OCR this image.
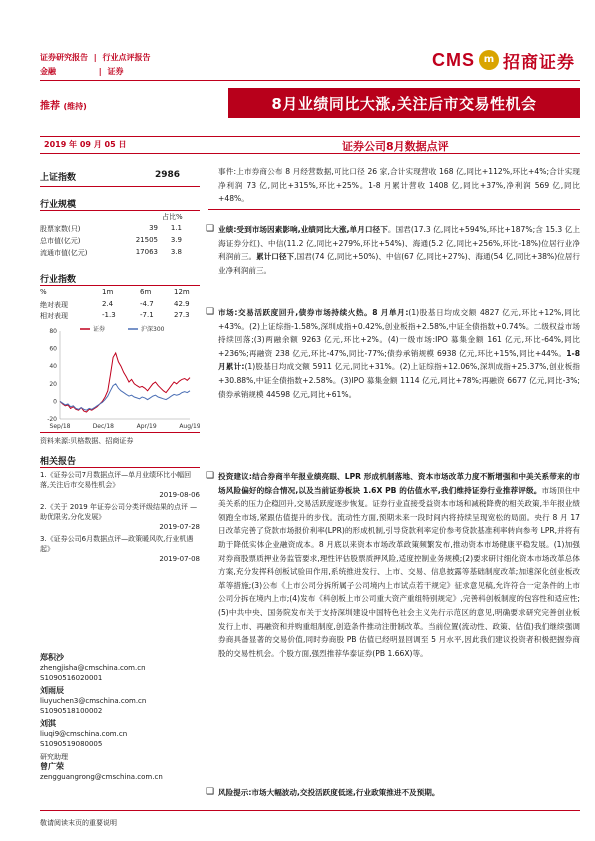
证券研究报告 | 行业点评报告
金融	| 证券
CMS m 招商证券
推荐 (维持)	8月业绩同比大涨,关注后市交易性机会
2019 年 09 月 05 日	证券公司8月数据点评
上证指数	2986
行业规模
占比%
股票家数(只)	39 1.1
总市值(亿元)	21505 3.9
流通市值(亿元)	17063 3.8
行业指数
%	1m	6m	12m
绝对表现	2.4	-4.7	42.9
相对表现	-1.3	-7.1	27.3
80
60
40
20
0
-20
Sep/18	Dec/18	Apr/19	Aug/19
证券	沪深300
资料来源:贝格数据、招商证券
相关报告
1.《证券公司7月数据点评—单月业绩环比小幅回落,关注后市交易性机会》
2019-08-06
2.《关于 2019 年证券公司分类评级结果的点评 —助优限劣,分化发展》
2019-07-28
3.《证券公司6月数据点评—政策暖风吹,行业机遇起》
2019-07-08
郑积沙
zhengjisha@cmschina.com.cn
S1090516020001
刘雨辰
liuyuchen3@cmschina.com.cn
S1090518100002
刘淇
liuqi9@cmschina.com.cn
S1090519080005
研究助理
曾广荣
zengguangrong@cmschina.com.cn

事件:上市券商公布 8 月经营数据,可比口径 26 家,合计实现营收 168 亿,同比+112%,环比+4%;合计实现净利润 73 亿,同比+315%,环比+25%。1-8 月累计营收 1408 亿,同比+37%,净利润 569 亿,同比+48%。

❑ 业绩:受到市场因素影响,业绩同比大涨,单月口径下。国君(17.3 亿,同比+594%,环比+187%;含 15.3 亿上海证券分红)、中信(11.2 亿,同比+279%,环比+54%)、海通(5.2 亿,同比+256%,环比-18%)位居行业净利润前三。累计口径下,国君(74 亿,同比+50%)、中信(67 亿,同比+27%)、海通(54 亿,同比+38%)位居行业净利润前三。
❑ 市场:交易活跃度回升,债券市场持续火热。8 月单月:(1)股基日均成交额 4827 亿元,环比+12%,同比+43%。(2)上证综指-1.58%,深圳成指+0.42%,创业板指+2.58%,中证全债指数+0.74%。二级权益市场持续回落;(3)两融余额 9263 亿元,环比+2%。(4)一级市场:IPO 募集金额 161 亿元,环比-64%,同比+236%;再融资 238 亿元,环比-47%,同比-77%;债券承销规模 6938 亿元,环比+15%,同比+44%。1-8 月累计:(1)股基日均成交额 5911 亿元,同比+31%。(2)上证综指+12.06%,深圳成指+25.37%,创业板指+30.88%,中证全债指数+2.58%。(3)IPO 募集金额 1114 亿元,同比+78%;再融资 6677 亿元,同比-3%;债券承销规模 44598 亿元,同比+61%。
❑ 投资建议:结合券商半年报业绩亮眼、LPR 形成机制落地、资本市场改革力度不断增强和中美关系带来的市场风险偏好的综合情况,以及当前证券板块 1.6X PB 的估值水平,我们维持证券行业推荐评级。市场顶住中美关系的压力企稳回升,交易活跃度逐步恢复。证券行业直接受益资本市场和减税降费的相关政策,半年报业绩领跑全市场,紧跟估值提升的步伐。流动性方面,预期未来一段时间内将持续呈现宽松的局面。央行 8 月 17 日改革完善了贷款市场报价利率(LPR)的形成机制,引导贷款利率定价参考贷款基准利率转向参考 LPR,并将有助于降低实体企业融资成本。8 月底以来资本市场改革政策频繁发布,推动资本市场健康平稳发展。(1)加强对券商股票质押业务监管要求,理性评估股票质押风险,适度控制业务规模;(2)要求研讨细化资本市场改革总体方案,充分发挥科创板试验田作用,系统推进发行、上市、交易、信息披露等基础制度改革;加速深化创业板改革等措施;(3)公布《上市公司分拆所属子公司境内上市试点若干规定》征求意见稿,允许符合一定条件的上市公司分拆在境内上市;(4)发布《科创板上市公司重大资产重组特别规定》,完善科创板制度的包容性和适应性;(5)中共中央、国务院发布关于支持深圳建设中国特色社会主义先行示范区的意见,明确要求研究完善创业板发行上市、再融资和并购重组制度,创造条件推动注册制改革。当前位置(流动性、政策、估值)我们继续强调券商具备显著的交易价值,同时券商股 PB 估值已经明显回调至 5 月水平,因此我们建议投资者积极把握券商股的交易性机会。个股方面,强烈推荐华泰证券(PB 1.66X)等。
❑ 风险提示:市场大幅波动,交投活跃度低迷,行业政策推进不及预期。
敬请阅读末页的重要说明
